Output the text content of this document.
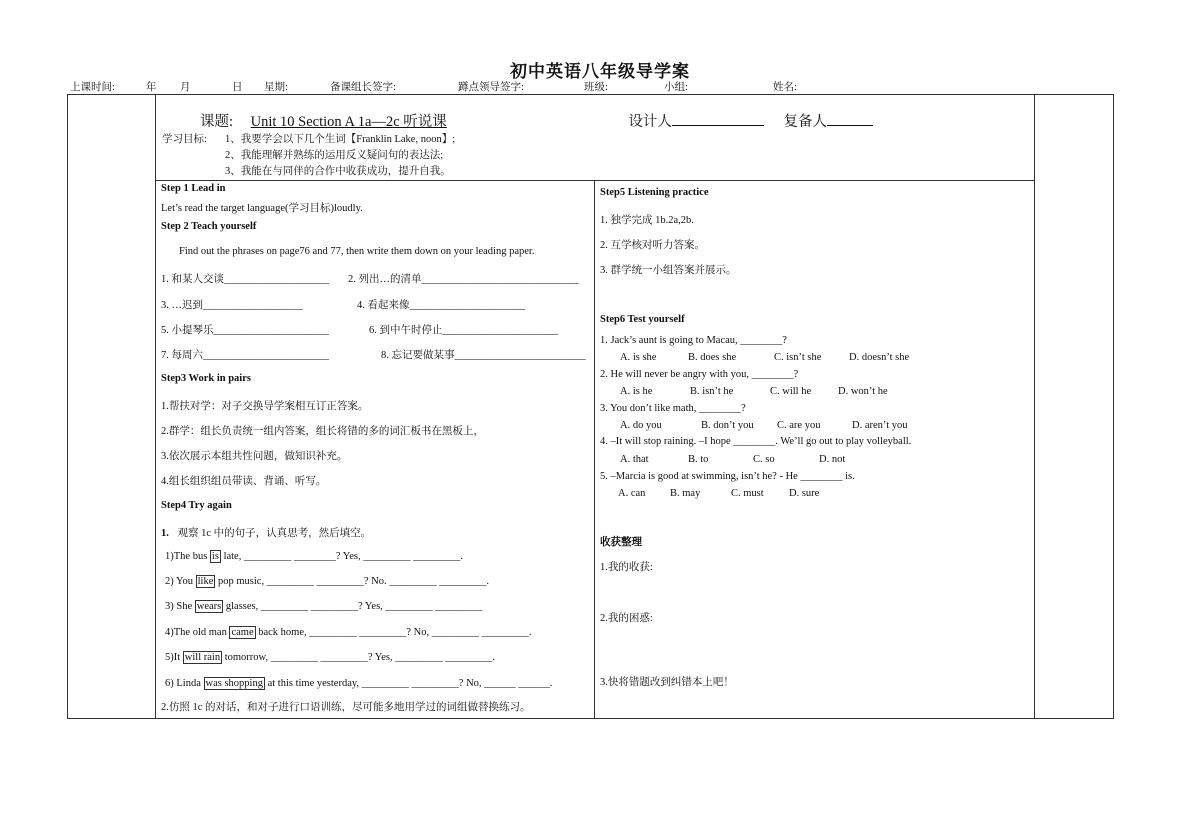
初中英语八年级导学案
上课时间:	年 月	日 星期:	备课组长签字:	蹲点领导签字:	班级:	小组:	姓名:
课题: Unit 10 Section A 1a—2c 听说课	设计人	复备人
学习目标: 1、我要学会以下几个生词【Franklin Lake, noon】;
2、我能理解并熟练的运用反义疑问句的表达法;
3、我能在与同伴的合作中收获成功，提升自我。
Step 1 Lead in
Let’s read the target language(学习目标)loudly.
Step 2 Teach yourself
Find out the phrases on page76 and 77, then write them down on your leading paper.
1. 和某人交谈____________________ 2. 列出…的清单______________________________
3. …迟到___________________	4. 看起来像______________________
5. 小提琴乐______________________	6. 到中午时停止______________________
7. 每周六________________________	8. 忘记要做某事_________________________
Step3 Work in pairs
1.帮扶对学：对子交换导学案相互订正答案。
2.群学：组长负责统一组内答案，组长将错的多的词汇板书在黑板上，
3.依次展示本组共性问题，做知识补充。
4.组长组织组员带读、背诵、听写。
Step4 Try again
1. 观察 1c 中的句子，认真思考，然后填空。
1)The bus is late, _________ ________? Yes, _________ _________.
2) You like pop music, _________ _________? No. _________ _________.
3) She wears glasses, _________ _________? Yes, _________ _________
4)The old man came back home, _________ _________? No, _________ _________.
5)It will rain tomorrow, _________ _________? Yes, _________ _________.
6) Linda was shopping at this time yesterday, _________ _________? No, ______ ______.
2.仿照 1c 的对话，和对子进行口语训练，尽可能多地用学过的词组做替换练习。
Step5 Listening practice
1. 独学完成 1b.2a,2b.
2. 互学核对听力答案。
3. 群学统一小组答案并展示。
Step6 Test yourself
1. Jack’s aunt is going to Macau, ________?
A. is she	B. does she	C. isn’t she	D. doesn’t she
2. He will never be angry with you, ________?
A. is he	B. isn’t he	C. will he	D. won’t he
3. You don’t like math, ________?
A. do you	B. don’t you C. are you	D. aren’t you
4. –It will stop raining. –I hope ________. We’ll go out to play volleyball.
A. that	B. to	C. so	D. not
5. –Marcia is good at swimming, isn’t he? - He ________ is.
A. can B. may	C. must D. sure
收获整理
1.我的收获:
2.我的困惑:
3.快将错题改到纠错本上吧！
